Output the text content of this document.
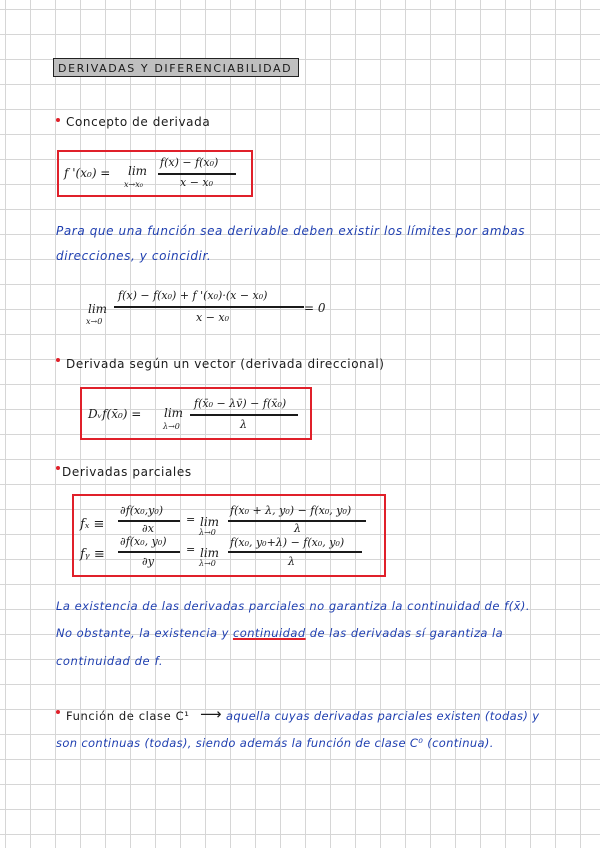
DERIVADAS Y DIFERENCIABILIDAD
Concepto de derivada
f '(x₀) = lim
x→x₀
f(x) − f(x₀)
x − x₀
Para que una función sea derivable deben existir los límites por ambas
direcciones, y coincidir.
lim
x→0
f(x) − f(x₀) + f '(x₀)·(x − x₀)
x − x₀
= 0
Derivada según un vector (derivada direccional)
Dᵥf(x̄₀) = lim
λ→0
f(x̄₀ − λv̄) − f(x̄₀)
λ
Derivadas parciales
fₓ ≡
∂f(x₀,y₀)
∂x
= lim
λ→0
f(x₀ + λ, y₀) − f(x₀, y₀)
λ
fᵧ ≡
∂f(x₀, y₀)
∂y
= lim
λ→0
f(x₀, y₀+λ) − f(x₀, y₀)
λ
La existencia de las derivadas parciales no garantiza la continuidad de f(x̄).
No obstante, la existencia y continuidad de las derivadas sí garantiza la
continuidad de f.
Función de clase C¹ ⟶ aquella cuyas derivadas parciales existen (todas) y
son continuas (todas), siendo además la función de clase C⁰ (continua).
